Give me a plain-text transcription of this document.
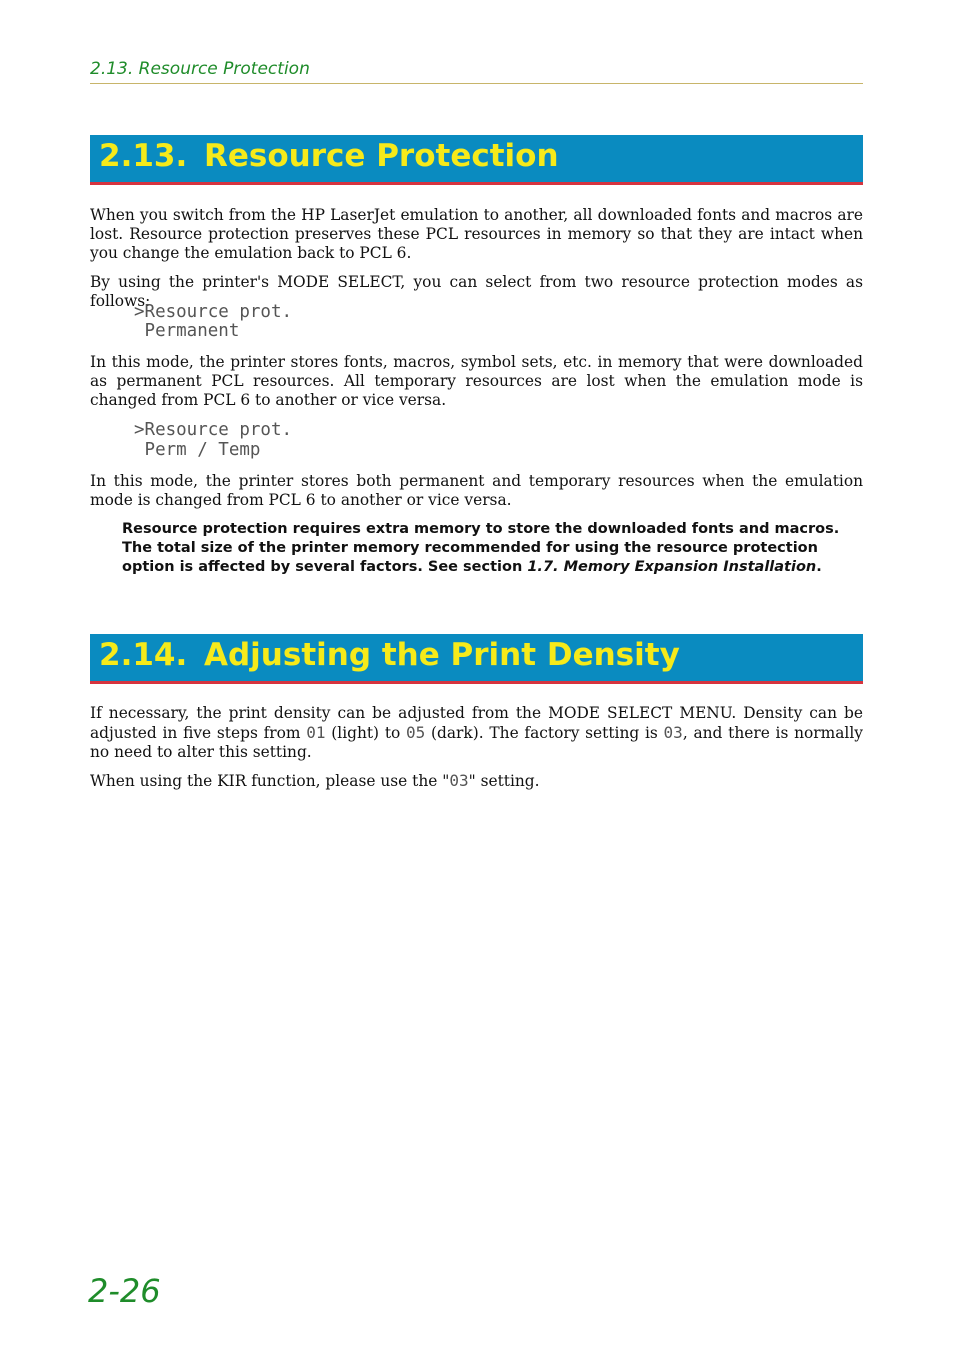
2.13. Resource Protection
2.13. Resource Protection

When you switch from the HP LaserJet emulation to another, all downloaded fonts and macros are lost. Resource protection preserves these PCL resources in memory so that they are intact when you change the emulation back to PCL 6.

By using the printer's MODE SELECT, you can select from two resource protection modes as follows:

>Resource prot.
Permanent

In this mode, the printer stores fonts, macros, symbol sets, etc. in memory that were downloaded as permanent PCL resources. All temporary resources are lost when the emulation mode is changed from PCL 6 to another or vice versa.

>Resource prot.
Perm / Temp

In this mode, the printer stores both permanent and temporary resources when the emulation mode is changed from PCL 6 to another or vice versa.

Resource protection requires extra memory to store the downloaded fonts and macros. The total size of the printer memory recommended for using the resource protection option is affected by several factors. See section 1.7. Memory Expansion Installation.

2.14. Adjusting the Print Density

If necessary, the print density can be adjusted from the MODE SELECT MENU. Density can be adjusted in five steps from 01 (light) to 05 (dark). The factory setting is 03, and there is normally no need to alter this setting.

When using the KIR function, please use the "03" setting.

2-26
